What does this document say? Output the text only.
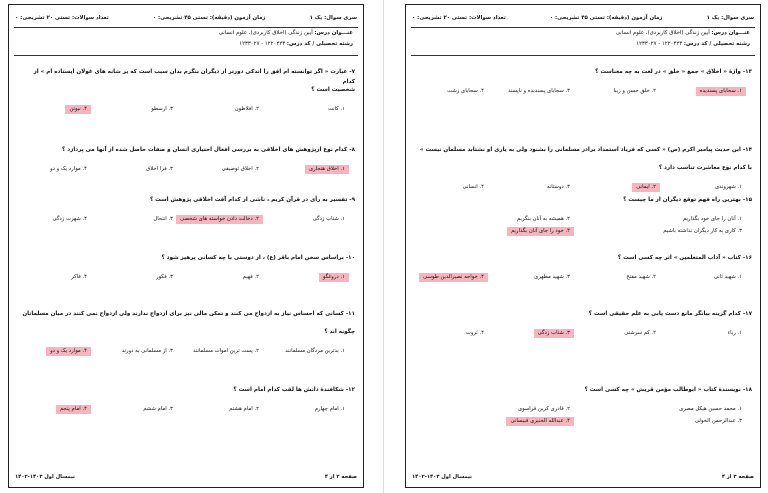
تعداد سوالات: تستی ۲۰ تشریحی: ۰	زمان آزمون (دقیقه): تستی ۴۵ تشریحی: ۰	سری سوال: یک ۱
عنـــوان درس: آیین زندگی (اخلاق کاربردی)، علوم انسانی
رشته تحصیلی / کد درس: ۱۲۲۰۴۲۳ - ۱۲۳۳۰۲۷
۷- عبارت « اگر توانسته ام افق را اندکی دورتر از دیگران بنگرم بدان سبب است که بر شانه های غولان ایستاده ام » از کدام
شخصیت است ؟
۱. کانت
۲. افلاطون
۳. ارسطو
۴. نیوتن
۸- کدام نوع ازپژوهش های اخلاقی به بررسی افعال اختیاری انسان و صفات حاصل شده از آنها می پردازد ؟
۱. اخلاق هنجاری
۲. اخلاق توصیفی
۳. فرا اخلاق
۴. موارد یک و دو
۹- تفسیر به رأی در قرآن کریم ، ناشی از کدام آفت اخلاقی پژوهش است ؟
۱. شتاب زدگی
۲. دخالت دادن خواسته های شخصی
۳. انتحال
۴. شهرت زدگی
۱۰- براساس سخن امام باقر (ع) ، از دوستی با چه کسانی پرهیز شود ؟
۱. دروغگو
۲. فهیم
۳. فکور
۴. فاکر
۱۱- کسانی که احساس نیاز به ازدواج می کنند و تمکن مالی نیز برای ازدواج ندارند ولی ازدواج نمی کنند در میان مسلمانان
چگونه اند ؟
۱. بدترین مردگان مسلمانند
۲. پست ترین اموات مسلمانند
۳. از مسلمانی به دورند
۴. موارد یک و دو
۱۲- شکافندهٔ دانش ها لقب کدام امام است ؟
۱. امام چهارم
۲. امام هشتم
۳. امام ششم
۴. امام پنجم
نیمسال اول ۱۴۰۳-۱۴۰۲	صفحه ۲ از ۴
تعداد سوالات: تستی ۲۰ تشریحی: ۰	زمان آزمون (دقیقه): تستی ۴۵ تشریحی: ۰	سری سوال: یک ۱
عنـــوان درس: آیین زندگی (اخلاق کاربردی)، علوم انسانی
رشته تحصیلی / کد درس: ۱۲۲۰۴۲۳ - ۱۲۳۳۰۲۷
۱۳- واژهٔ « اخلاق » جمع « خلق » در لغت به چه معناست ؟
۱. سجایای پسندیده
۲. خلق حسن و زیبا
۳. سجایای پسندیده و ناپسند
۴. سجایای زشت
۱۴- این حدیث پیامبر اکرم (ص) « کسی که فریاد استمداد برادر مسلمانی را بشنود ولی به یاری او نشتابد مسلمان نیست »
با کدام نوع معاشرت تناسب دارد ؟
۱. شهروندی
۲. ایمانی
۳. دوستانه
۴. انسانی
۱۵- بهترین راه فهم توقع دیگران از ما چیست ؟
۱. آنان را جای خود بگذاریم
۲. همیشه به آنان بنگریم
۳. کاری به کار دیگران نداشته باشیم
۴. خود را جای آنان بگذاریم
۱۶- کتاب « آداب المتعلمین » اثر چه کسی است ؟
۱. شهید ثانی
۲. شهید مفتح
۳. شهید مطهری
۴. خواجه نصیرالدین طوسی
۱۷- کدام گزینه بیانگر مانع دست یابی به علم حقیقی است ؟
۱. ریاء
۲. کم سرشتی
۳. شتاب زدگی
۴. ثروت
۱۸- نویسندهٔ کتاب « ابوطالب مؤمن قریش » چه کسی است ؟
۱. محمد حسین هیکل مصری
۲. قادری کرین قراسوی
۳. عبدالرحمن الخولی
۴. عبدالله الخنیزی قبیسانی
نیمسال اول ۱۴۰۳-۱۴۰۲	صفحه ۳ از ۴
